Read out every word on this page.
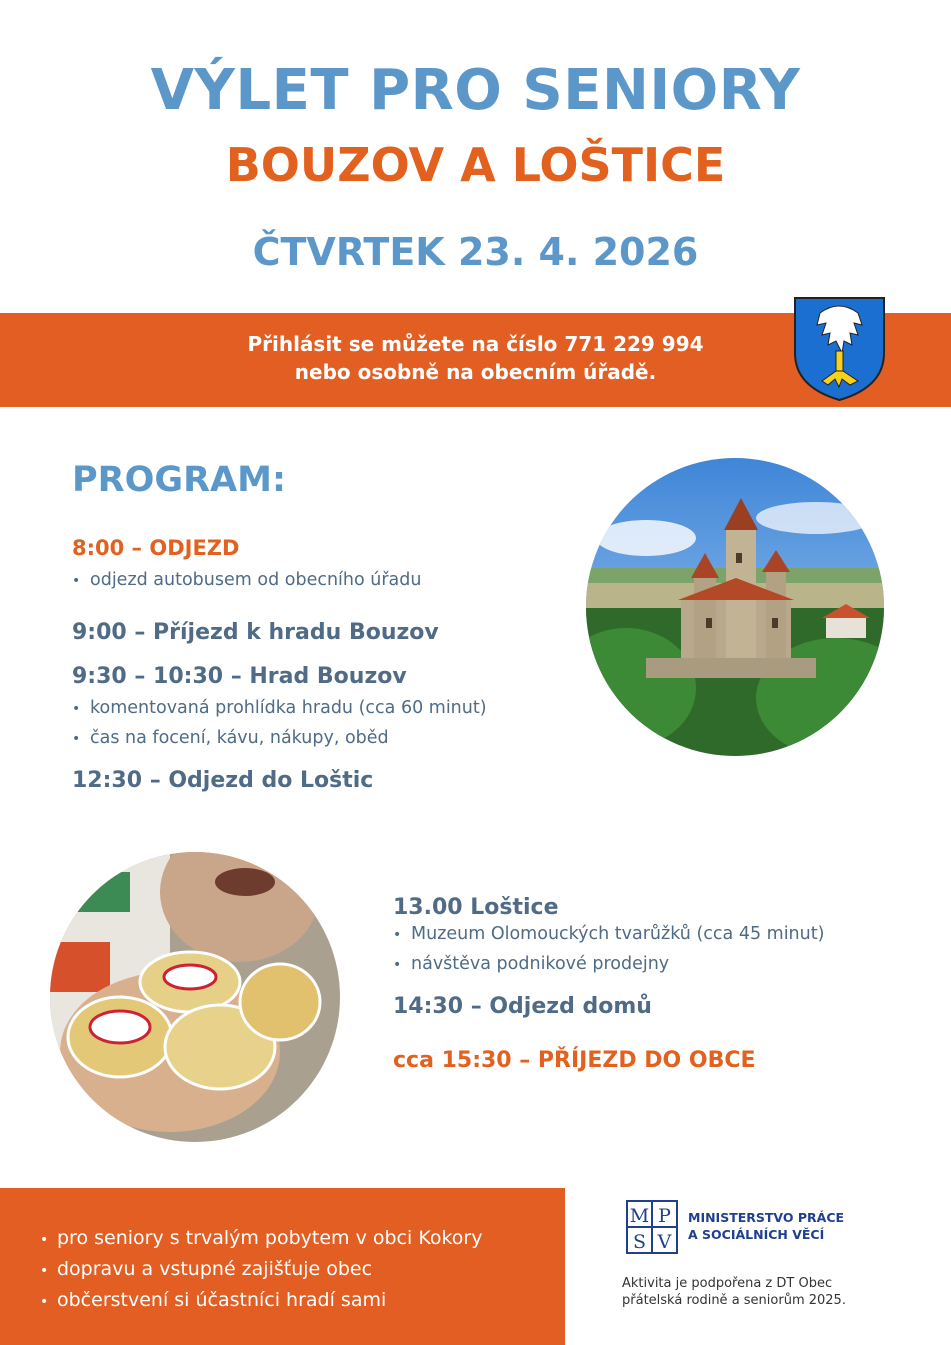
VÝLET PRO SENIORY
BOUZOV A LOŠTICE
ČTVRTEK 23. 4. 2026
Přihlásit se můžete na číslo 771 229 994
nebo osobně na obecním úřadě.
PROGRAM:
8:00 – ODJEZD
• odjezd autobusem od obecního úřadu
9:00 – Příjezd k hradu Bouzov
9:30 – 10:30 – Hrad Bouzov
• komentovaná prohlídka hradu (cca 60 minut)
• čas na focení, kávu, nákupy, oběd
12:30 – Odjezd do Loštic
13.00 Loštice
• Muzeum Olomouckých tvarůžků (cca 45 minut)
• návštěva podnikové prodejny
14:30 – Odjezd domů
cca 15:30 – PŘÍJEZD DO OBCE
• pro seniory s trvalým pobytem v obci Kokory
• dopravu a vstupné zajišťuje obec
• občerstvení si účastníci hradí sami
M P
S V
MINISTERSTVO PRÁCE
A SOCIÁLNÍCH VĚCÍ
Aktivita je podpořena z DT Obec
přátelská rodině a seniorům 2025.
